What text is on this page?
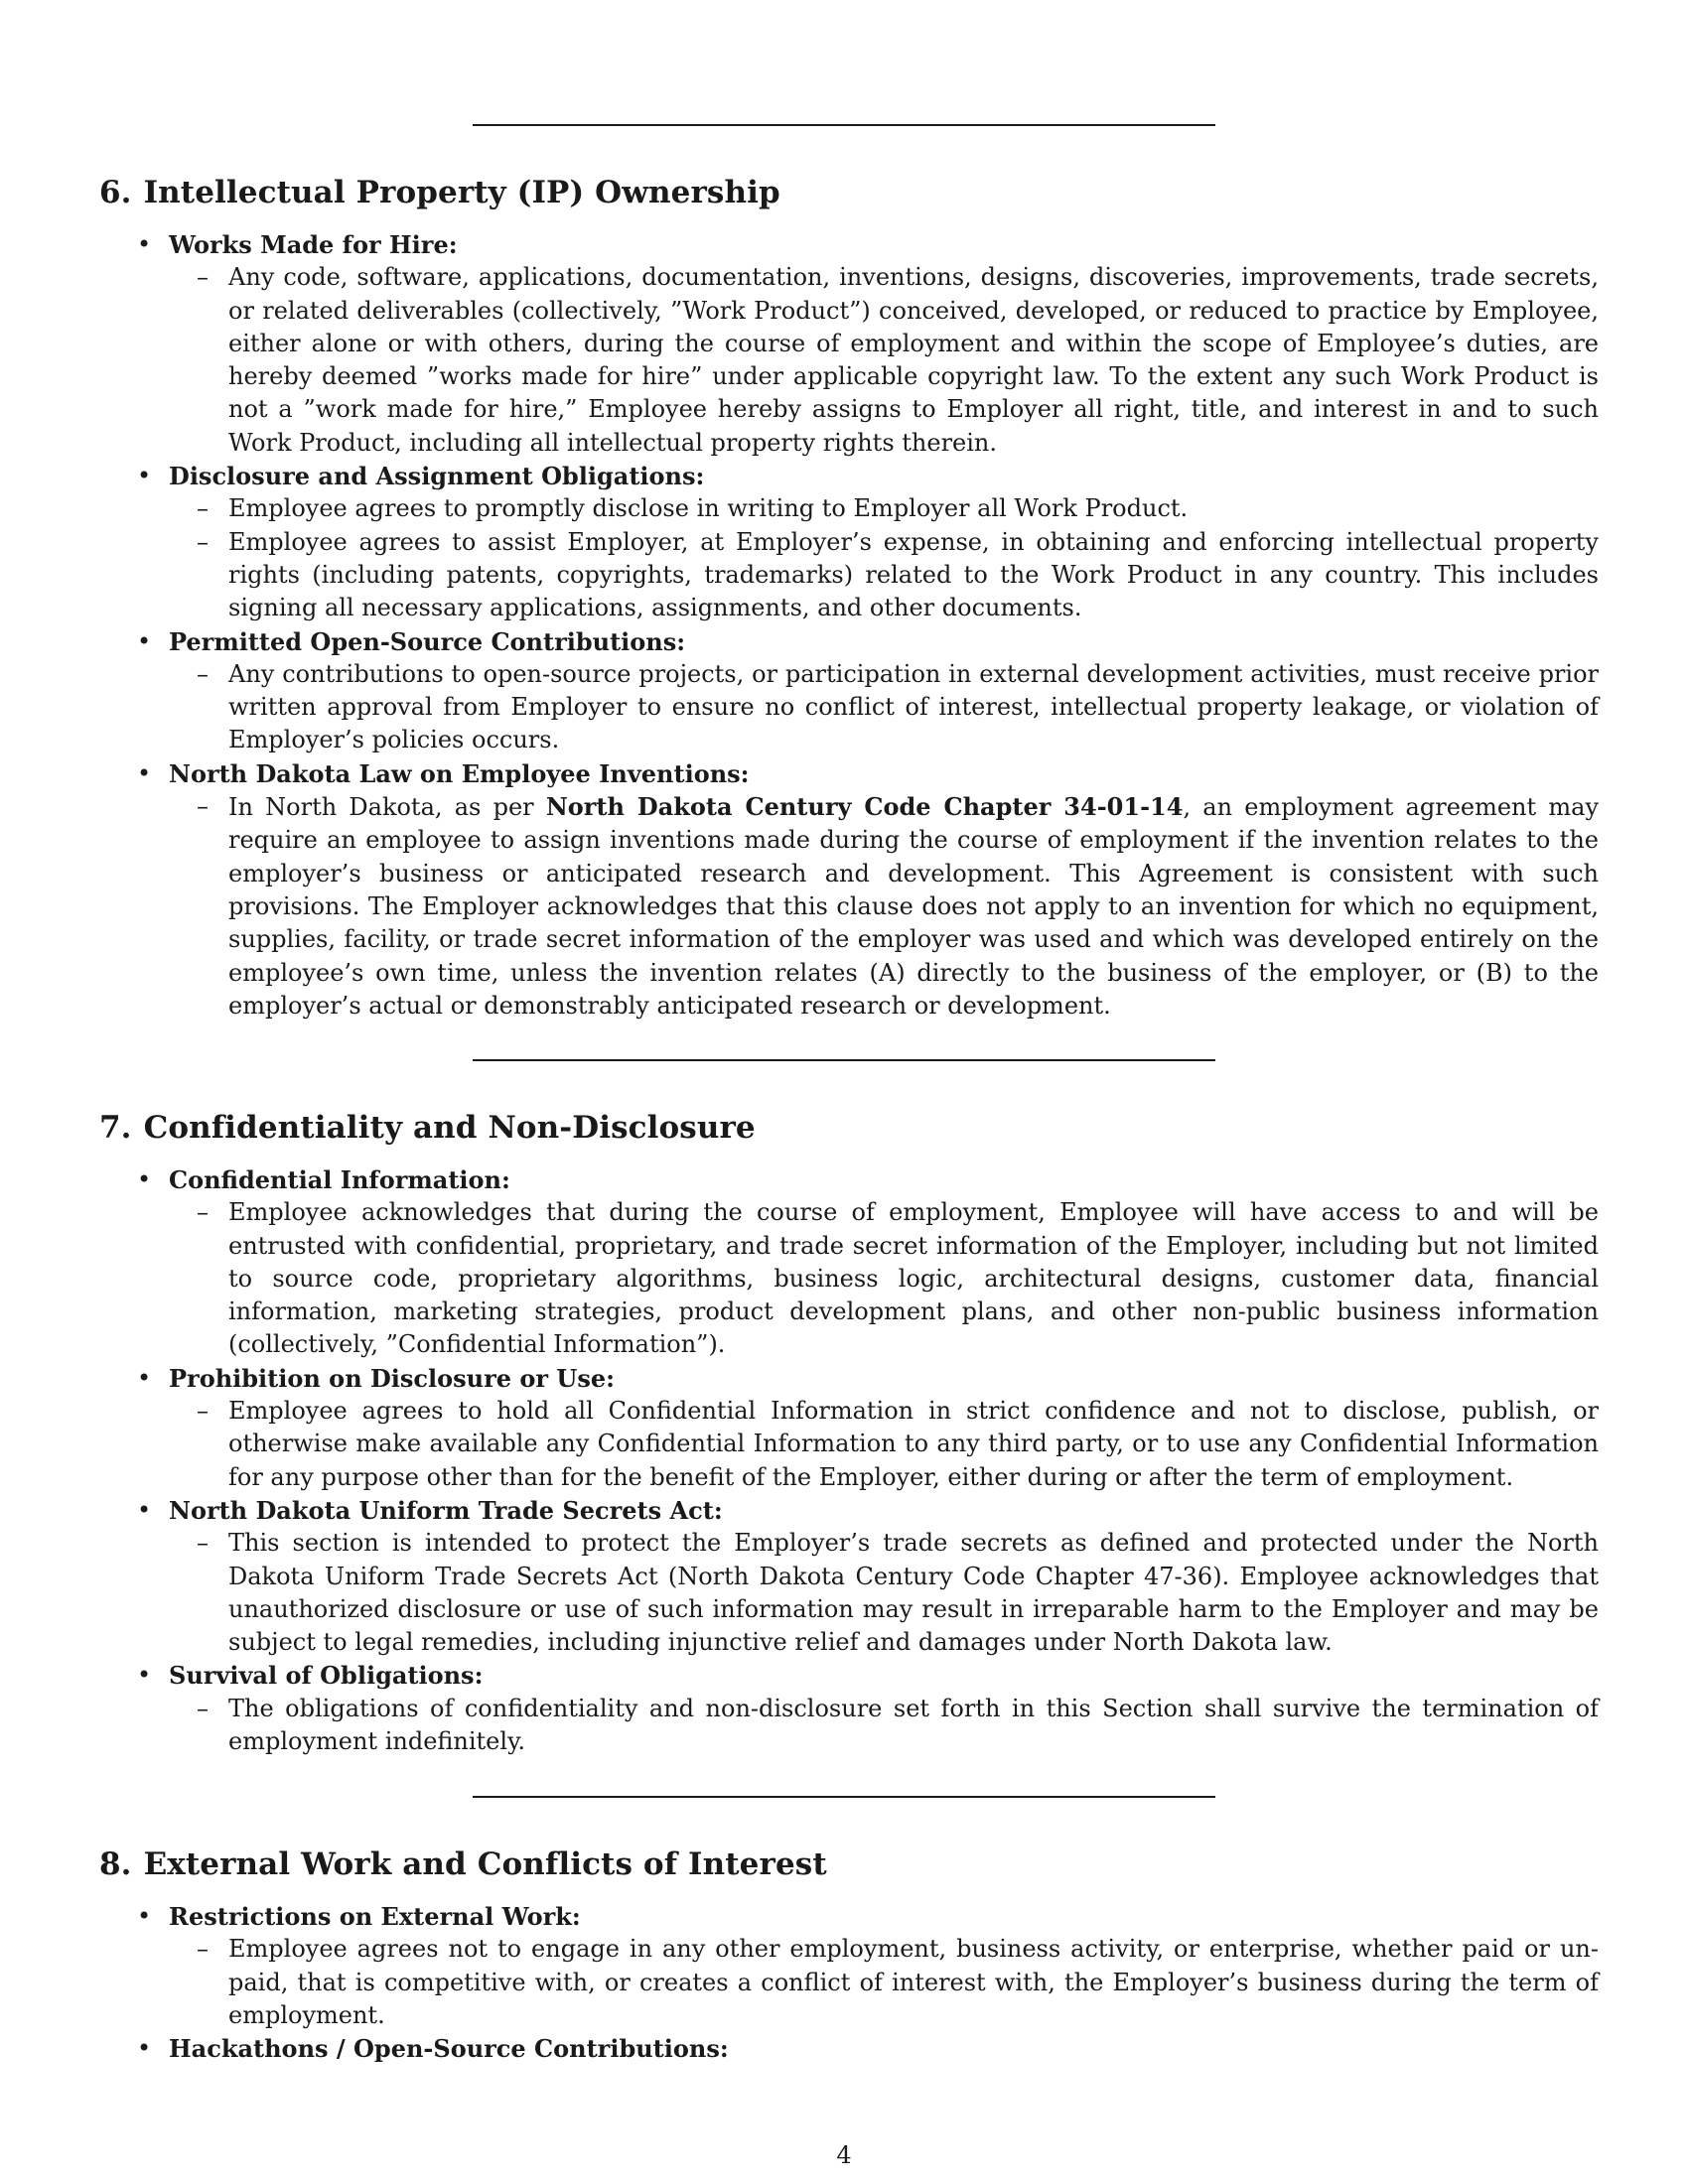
6. Intellectual Property (IP) Ownership
• Works Made for Hire:
– Any code, software, applications, documentation, inventions, designs, discoveries, improvements, trade secrets, or related deliverables (collectively, ”Work Product”) conceived, developed, or reduced to practice by Employee, either alone or with others, during the course of employment and within the scope of Employee’s duties, are hereby deemed ”works made for hire” under applicable copyright law. To the extent any such Work Product is not a ”work made for hire,” Employee hereby assigns to Employer all right, title, and interest in and to such Work Product, including all intellectual property rights therein.
• Disclosure and Assignment Obligations:
– Employee agrees to promptly disclose in writing to Employer all Work Product.
– Employee agrees to assist Employer, at Employer’s expense, in obtaining and enforcing intellectual property rights (including patents, copyrights, trademarks) related to the Work Product in any country. This includes signing all necessary applications, assignments, and other documents.
• Permitted Open-Source Contributions:
– Any contributions to open-source projects, or participation in external development activities, must receive prior written approval from Employer to ensure no conflict of interest, intellectual property leakage, or violation of Employer’s policies occurs.
• North Dakota Law on Employee Inventions:
– In North Dakota, as per North Dakota Century Code Chapter 34-01-14, an employment agreement may require an employee to assign inventions made during the course of employment if the invention relates to the employer’s business or anticipated research and development. This Agreement is consistent with such provisions. The Employer acknowledges that this clause does not apply to an invention for which no equipment, supplies, facility, or trade secret information of the employer was used and which was developed entirely on the employee’s own time, unless the invention relates (A) directly to the business of the employer, or (B) to the employer’s actual or demonstrably anticipated research or development.
7. Confidentiality and Non-Disclosure
• Confidential Information:
– Employee acknowledges that during the course of employment, Employee will have access to and will be entrusted with confidential, proprietary, and trade secret information of the Employer, including but not limited to source code, proprietary algorithms, business logic, architectural designs, customer data, financial information, marketing strategies, product development plans, and other non-public business information (collectively, ”Confidential Information”).
• Prohibition on Disclosure or Use:
– Employee agrees to hold all Confidential Information in strict confidence and not to disclose, publish, or otherwise make available any Confidential Information to any third party, or to use any Confidential Information for any purpose other than for the benefit of the Employer, either during or after the term of employment.
• North Dakota Uniform Trade Secrets Act:
– This section is intended to protect the Employer’s trade secrets as defined and protected under the North Dakota Uniform Trade Secrets Act (North Dakota Century Code Chapter 47-36). Employee acknowledges that unauthorized disclosure or use of such information may result in irreparable harm to the Employer and may be subject to legal remedies, including injunctive relief and damages under North Dakota law.
• Survival of Obligations:
– The obligations of confidentiality and non-disclosure set forth in this Section shall survive the termination of employment indefinitely.
8. External Work and Conflicts of Interest
• Restrictions on External Work:
– Employee agrees not to engage in any other employment, business activity, or enterprise, whether paid or unpaid, that is competitive with, or creates a conflict of interest with, the Employer’s business during the term of employment.
• Hackathons / Open-Source Contributions:
4
